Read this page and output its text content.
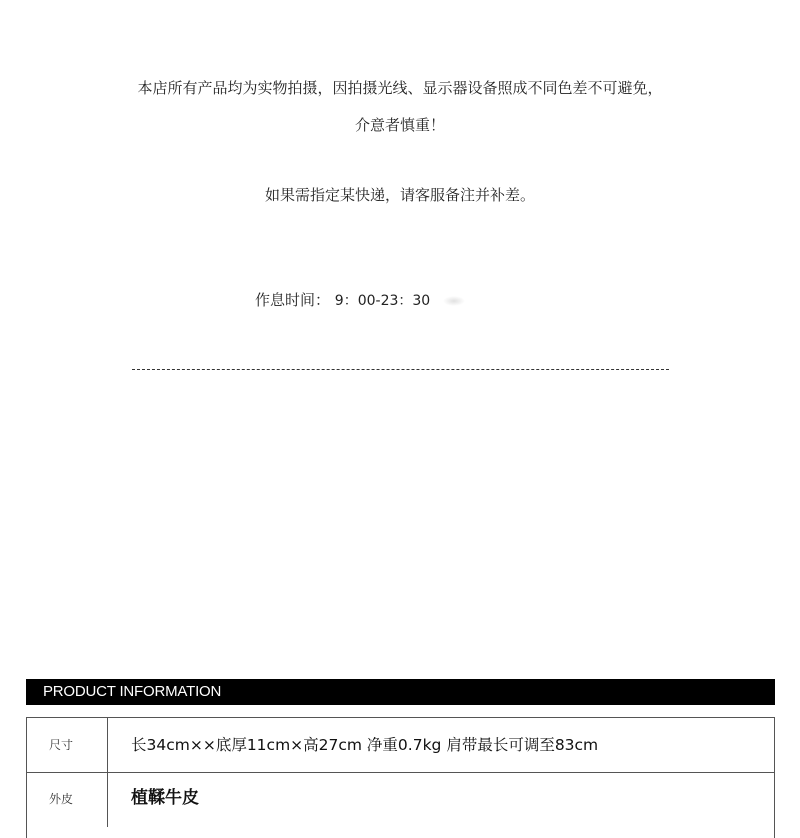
本店所有产品均为实物拍摄，因拍摄光线、显示器设备照成不同色差不可避免，
介意者慎重！
如果需指定某快递，请客服备注并补差。
作息时间： 9：00-23：30
PRODUCT INFORMATION
尺寸	长34cm××底厚11cm×高27cm 净重0.7kg 肩带最长可调至83cm
外皮	植鞣牛皮
